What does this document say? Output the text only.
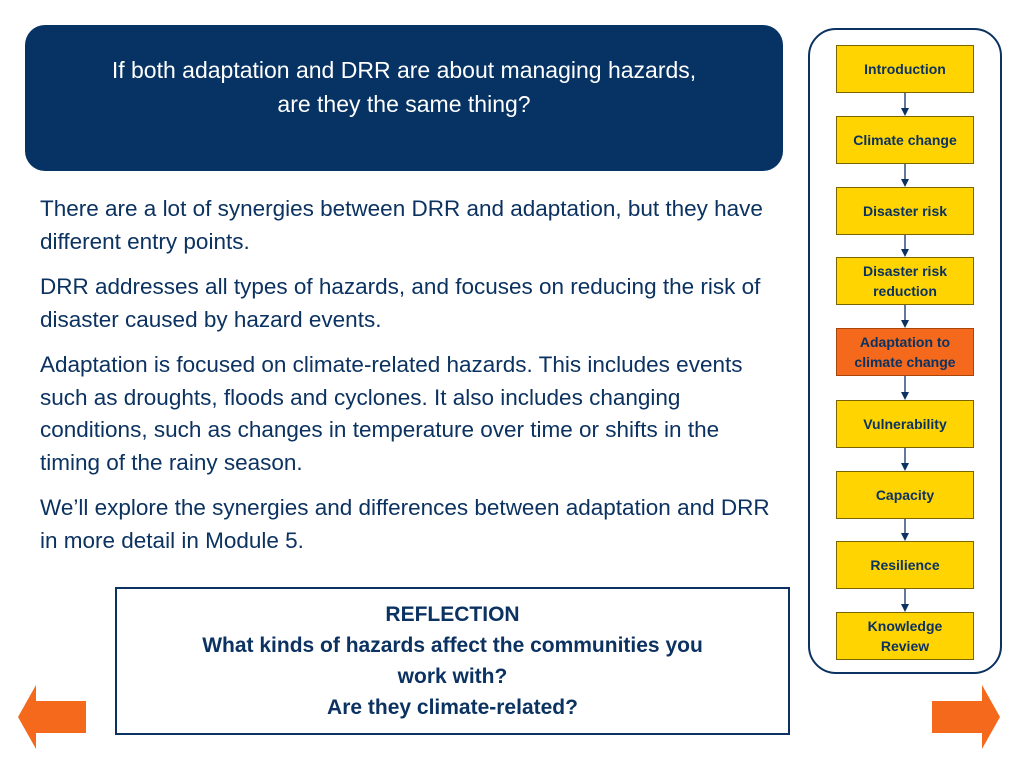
If both adaptation and DRR are about managing hazards,
are they the same thing?

There are a lot of synergies between DRR and adaptation, but they have different entry points.

DRR addresses all types of hazards, and focuses on reducing the risk of disaster caused by hazard events.

Adaptation is focused on climate-related hazards. This includes events such as droughts, floods and cyclones. It also includes changing conditions, such as changes in temperature over time or shifts in the timing of the rainy season.

We’ll explore the synergies and differences between adaptation and DRR in more detail in Module 5.

REFLECTION
What kinds of hazards affect the communities you work with?
Are they climate-related?
Introduction
Climate change
Disaster risk
Disaster risk reduction
Adaptation to climate change
Vulnerability
Capacity
Resilience
Knowledge Review
